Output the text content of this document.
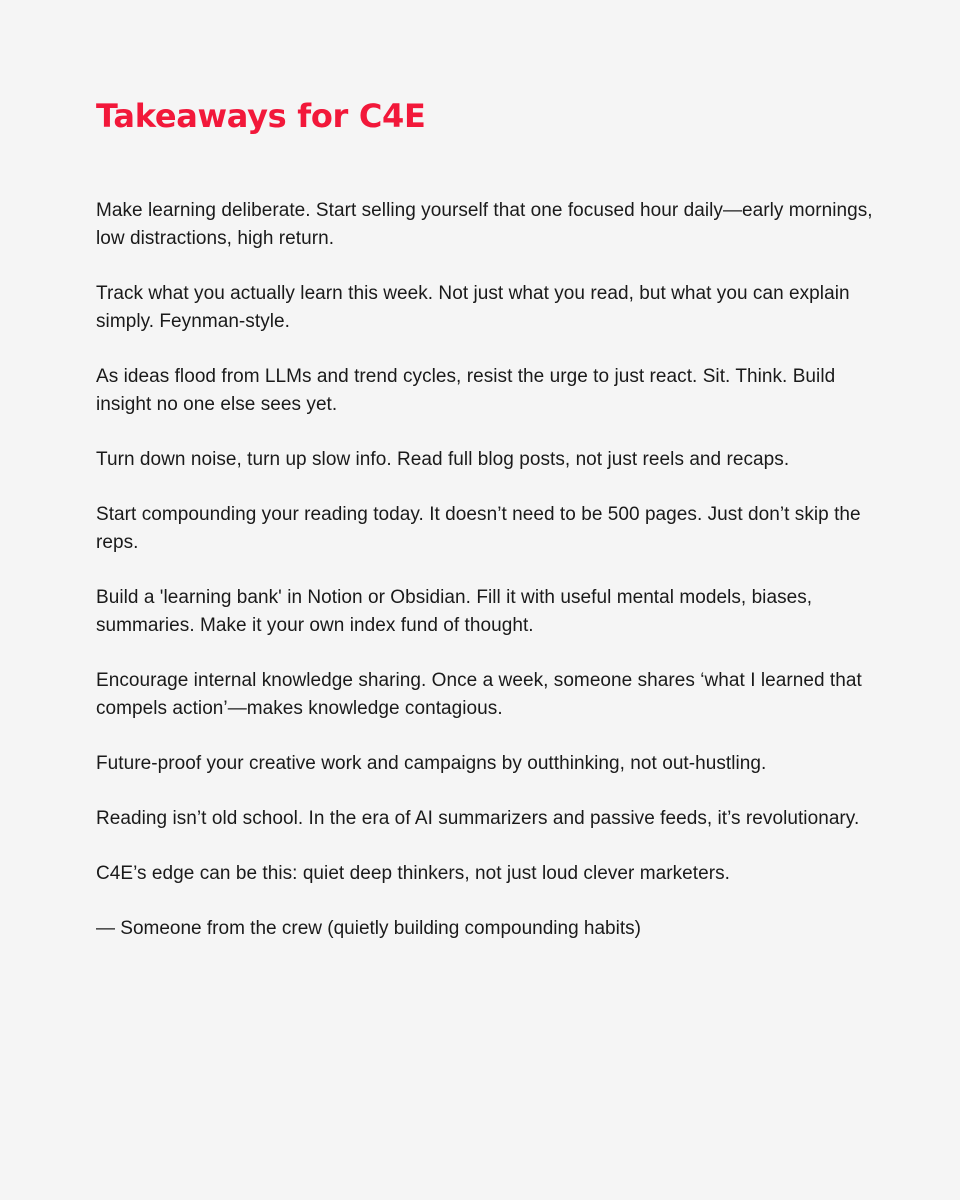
Takeaways for C4E

Make learning deliberate. Start selling yourself that one focused hour daily—early mornings, low distractions, high return.

Track what you actually learn this week. Not just what you read, but what you can explain simply. Feynman-style.

As ideas flood from LLMs and trend cycles, resist the urge to just react. Sit. Think. Build insight no one else sees yet.

Turn down noise, turn up slow info. Read full blog posts, not just reels and recaps.

Start compounding your reading today. It doesn’t need to be 500 pages. Just don’t skip the reps.

Build a 'learning bank' in Notion or Obsidian. Fill it with useful mental models, biases, summaries. Make it your own index fund of thought.

Encourage internal knowledge sharing. Once a week, someone shares ‘what I learned that compels action’—makes knowledge contagious.

Future-proof your creative work and campaigns by outthinking, not out-hustling.

Reading isn’t old school. In the era of AI summarizers and passive feeds, it’s revolutionary.

C4E’s edge can be this: quiet deep thinkers, not just loud clever marketers.

— Someone from the crew (quietly building compounding habits)
